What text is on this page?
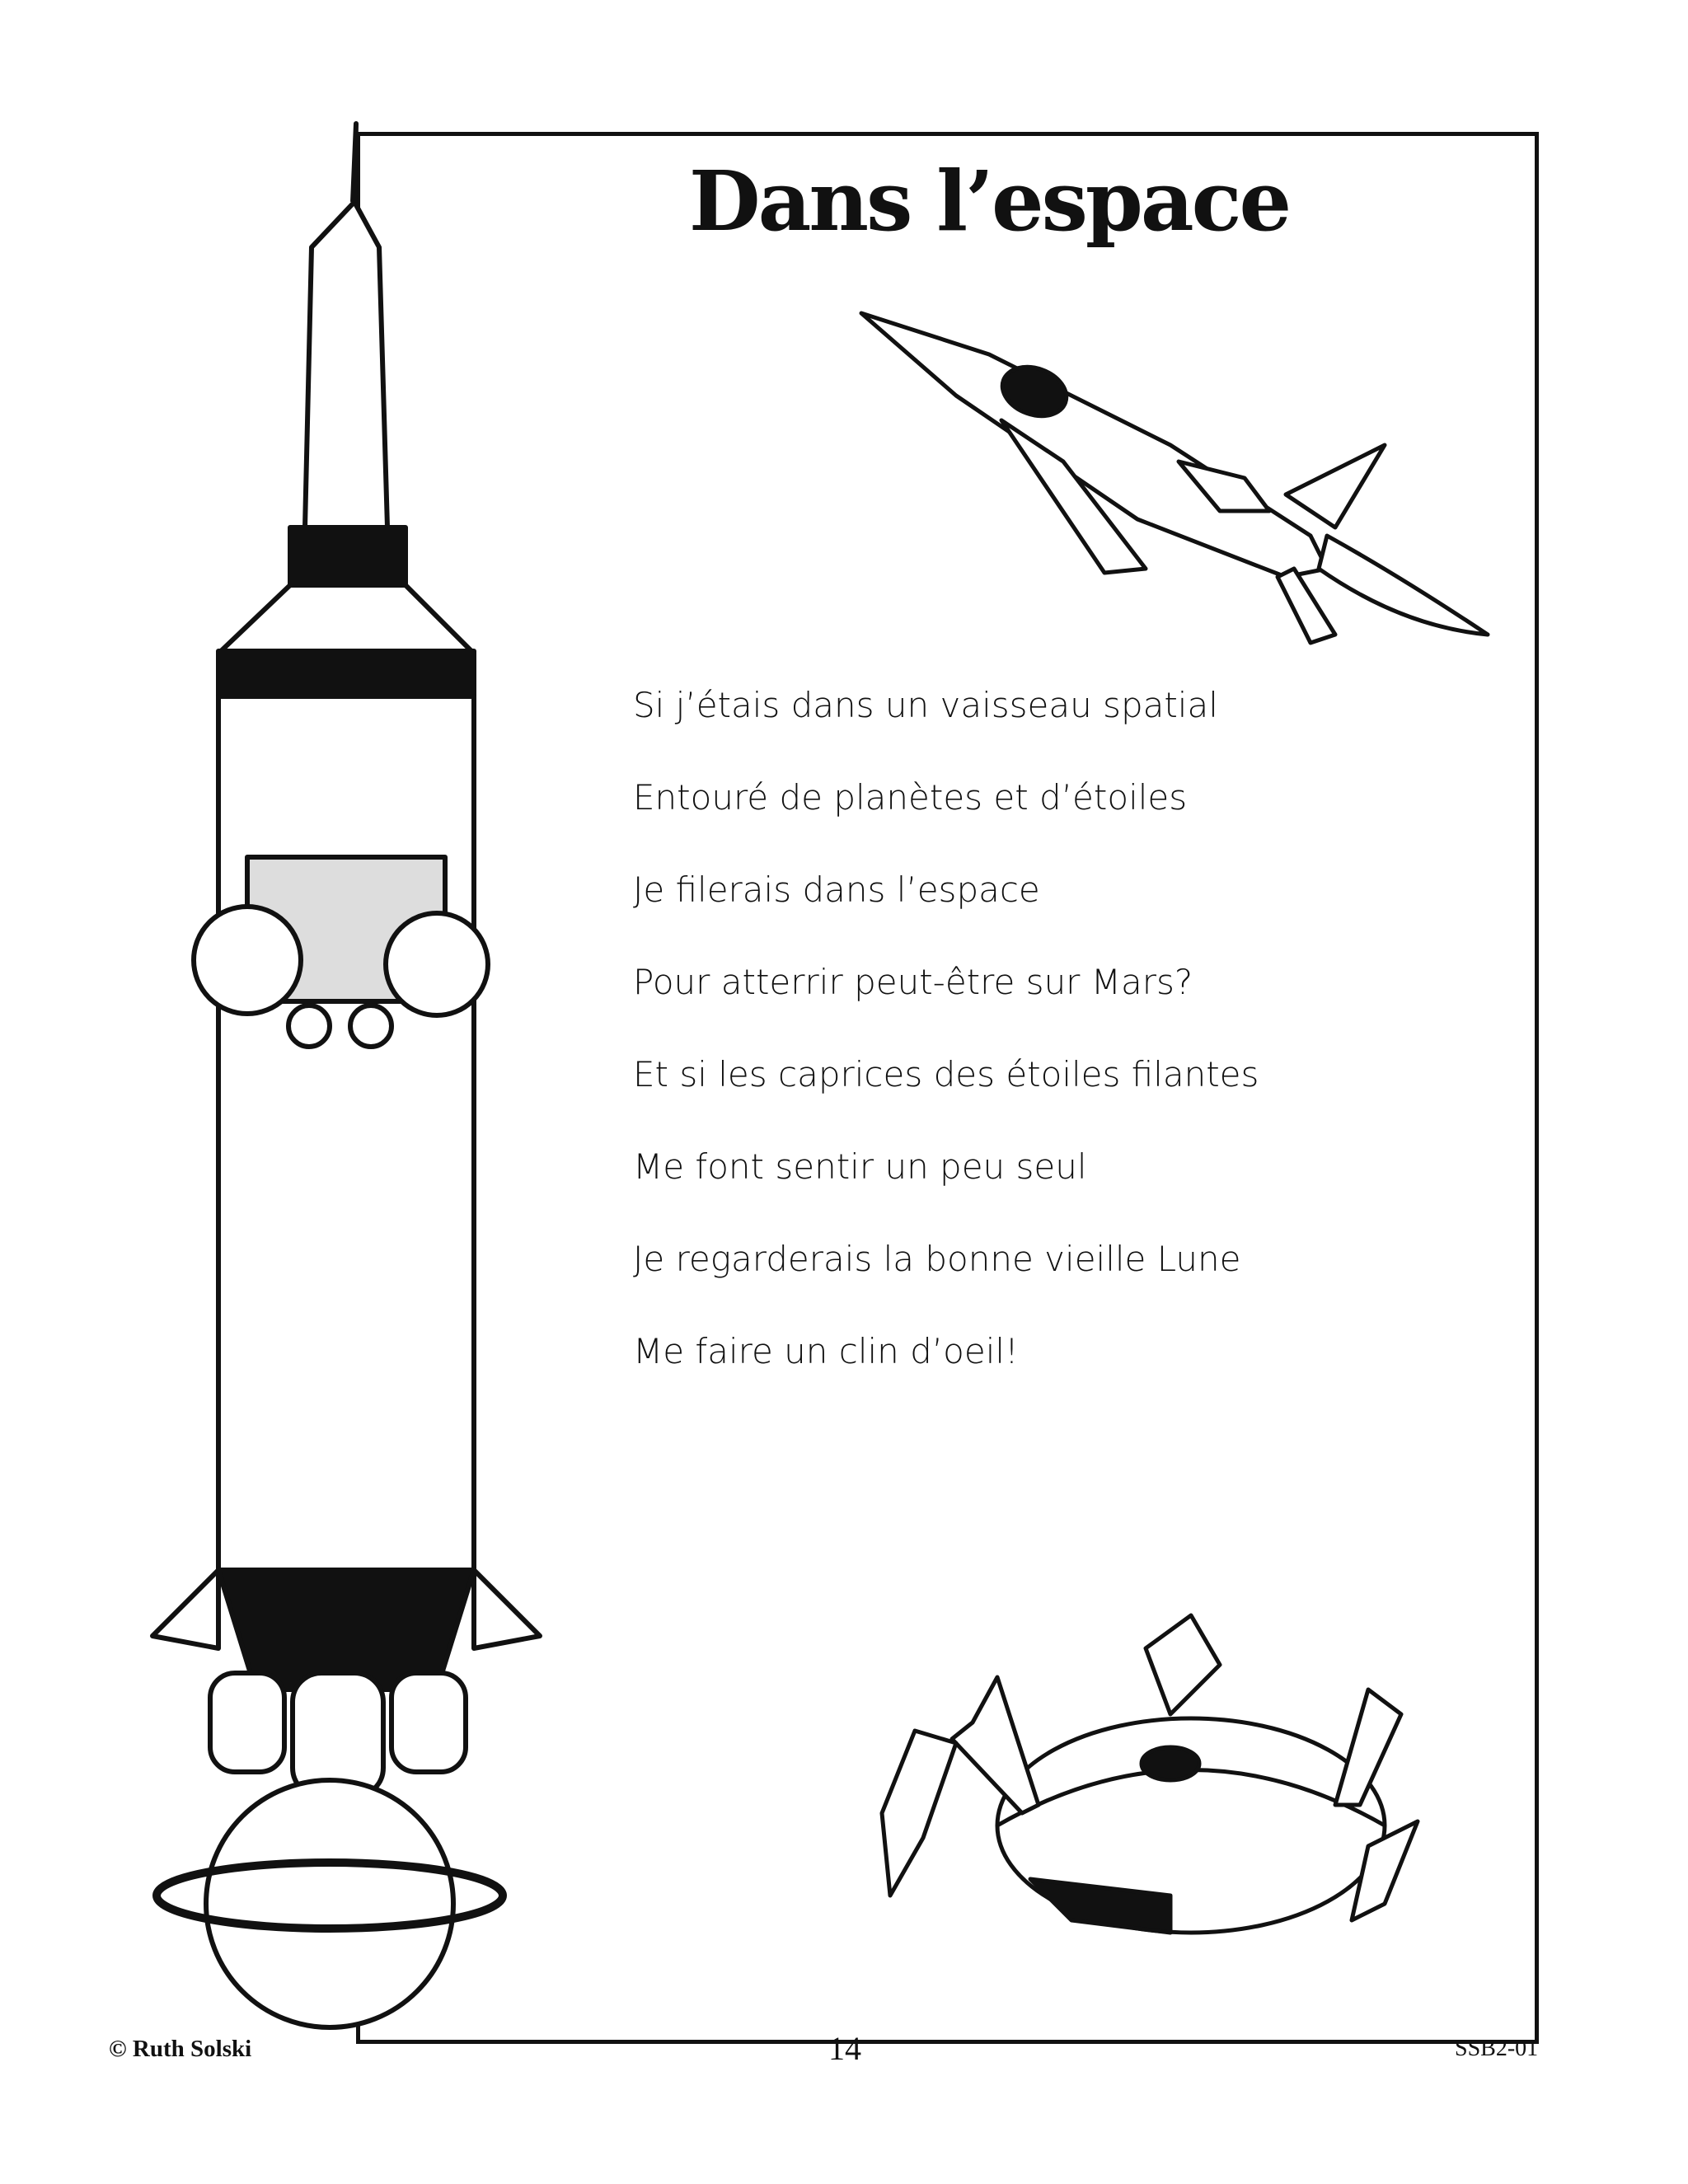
Dans l’espace
Si j’étais dans un vaisseau spatial
Entouré de planètes et d’étoiles
Je filerais dans l’espace
Pour atterrir peut-être sur Mars?
Et si les caprices des étoiles filantes
Me font sentir un peu seul
Je regarderais la bonne vieille Lune
Me faire un clin d’oeil!
© Ruth Solski	14	SSB2-01
